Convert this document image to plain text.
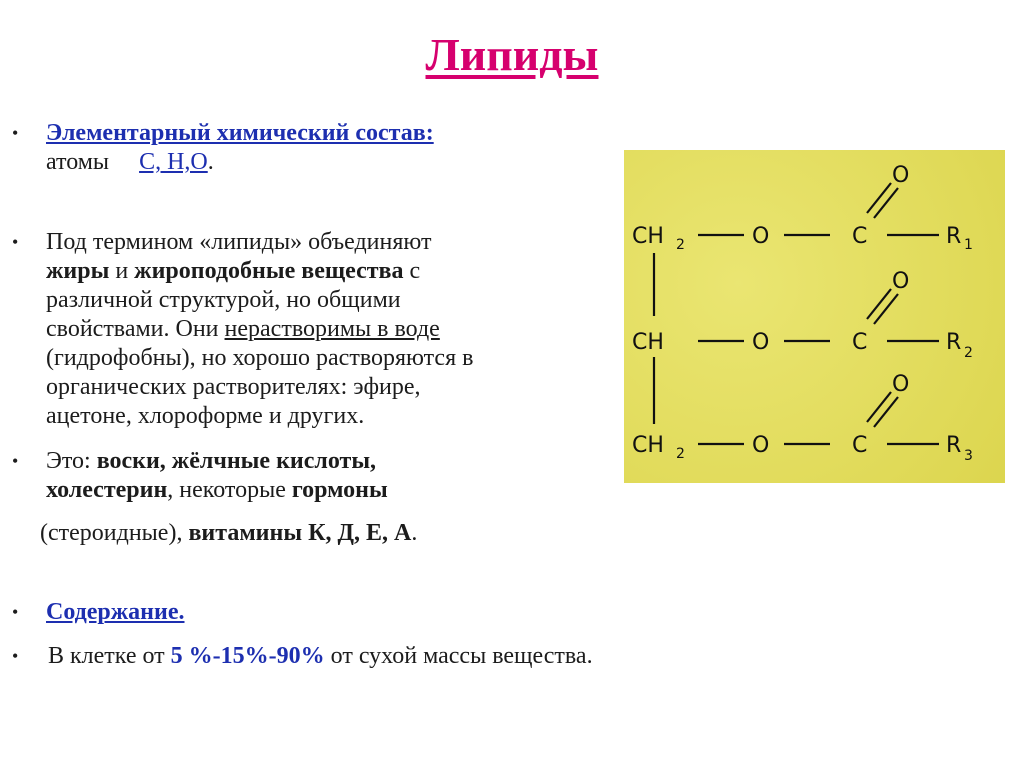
Липиды
•	Элементарный химический состав:
атомы С, Н,О.
•	Под термином «липиды» объединяют
жиры и жироподобные вещества с
различной структурой, но общими
свойствами. Они нерастворимы в воде
(гидрофобны), но хорошо растворяются в
органических растворителях: эфире,
ацетоне, хлороформе и других.
•	Это: воски, жёлчные кислоты,
холестерин, некоторые гормоны
(стероидные), витамины К, Д, Е, А.
•	Содержание.
•	В клетке от 5 %-15%-90% от сухой массы вещества.
CH 2	O	C
O
R 1
CH	O	C
O
R 2
CH 2	O	C
O
R 3
